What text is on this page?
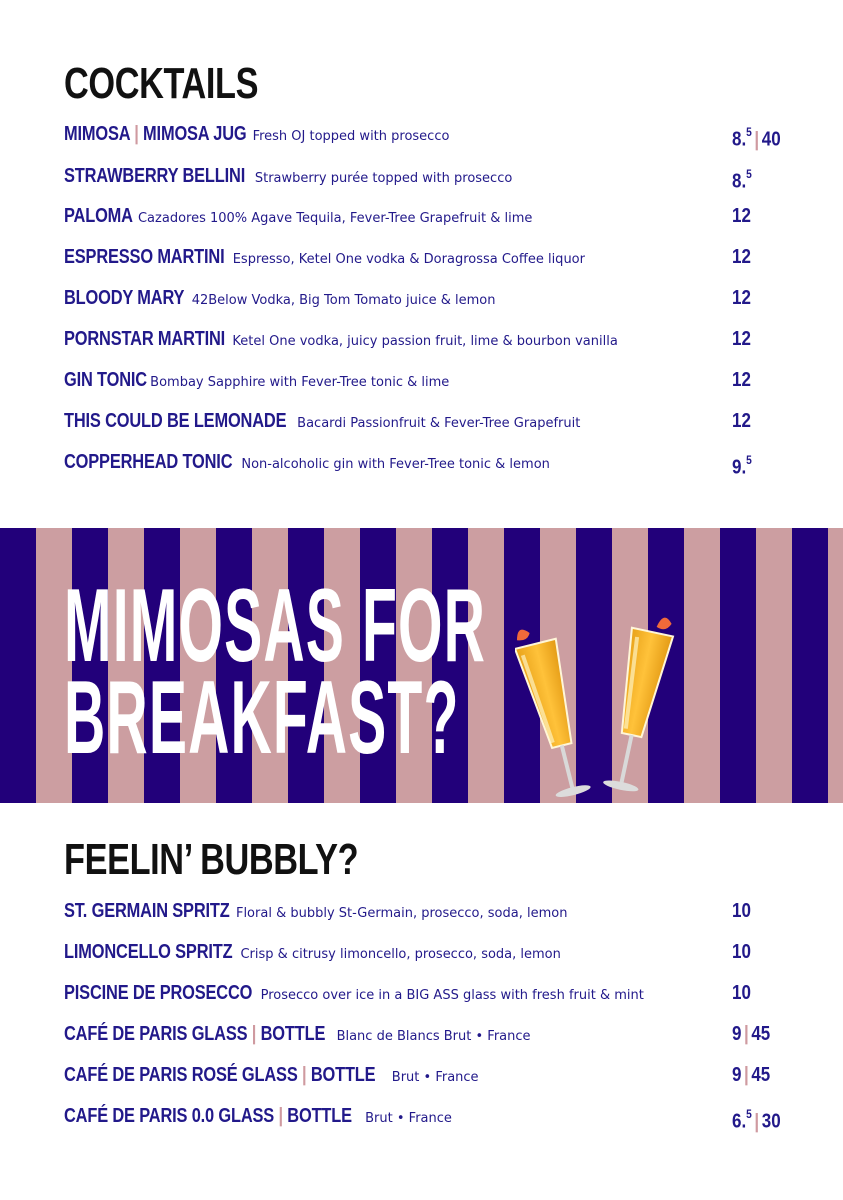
COCKTAILS
MIMOSA | MIMOSA JUG Fresh OJ topped with prosecco	8.$^5$ | 40
STRAWBERRY BELLINI Strawberry purée topped with prosecco	8.$^5$
PALOMA Cazadores 100% Agave Tequila, Fever-Tree Grapefruit & lime	12
ESPRESSO MARTINI Espresso, Ketel One vodka & Doragrossa Coffee liquor	12
BLOODY MARY 42Below Vodka, Big Tom Tomato juice & lemon	12
PORNSTAR MARTINI Ketel One vodka, juicy passion fruit, lime & bourbon vanilla	12
GIN TONIC Bombay Sapphire with Fever-Tree tonic & lime	12
THIS COULD BE LEMONADE Bacardi Passionfruit & Fever-Tree Grapefruit	12
COPPERHEAD TONIC Non-alcoholic gin with Fever-Tree tonic & lemon	9.$^5$
MIMOSAS FOR
BREAKFAST?
FEELIN’ BUBBLY?
ST. GERMAIN SPRITZ Floral & bubbly St-Germain, prosecco, soda, lemon	10
LIMONCELLO SPRITZ Crisp & citrusy limoncello, prosecco, soda, lemon	10
PISCINE DE PROSECCO Prosecco over ice in a BIG ASS glass with fresh fruit & mint	10
CAFÉ DE PARIS GLASS | BOTTLE Blanc de Blancs Brut • France	9 | 45
CAFÉ DE PARIS ROSÉ GLASS | BOTTLE Brut • France	9 | 45
CAFÉ DE PARIS 0.0 GLASS | BOTTLE Brut • France	6.$^5$ | 30
